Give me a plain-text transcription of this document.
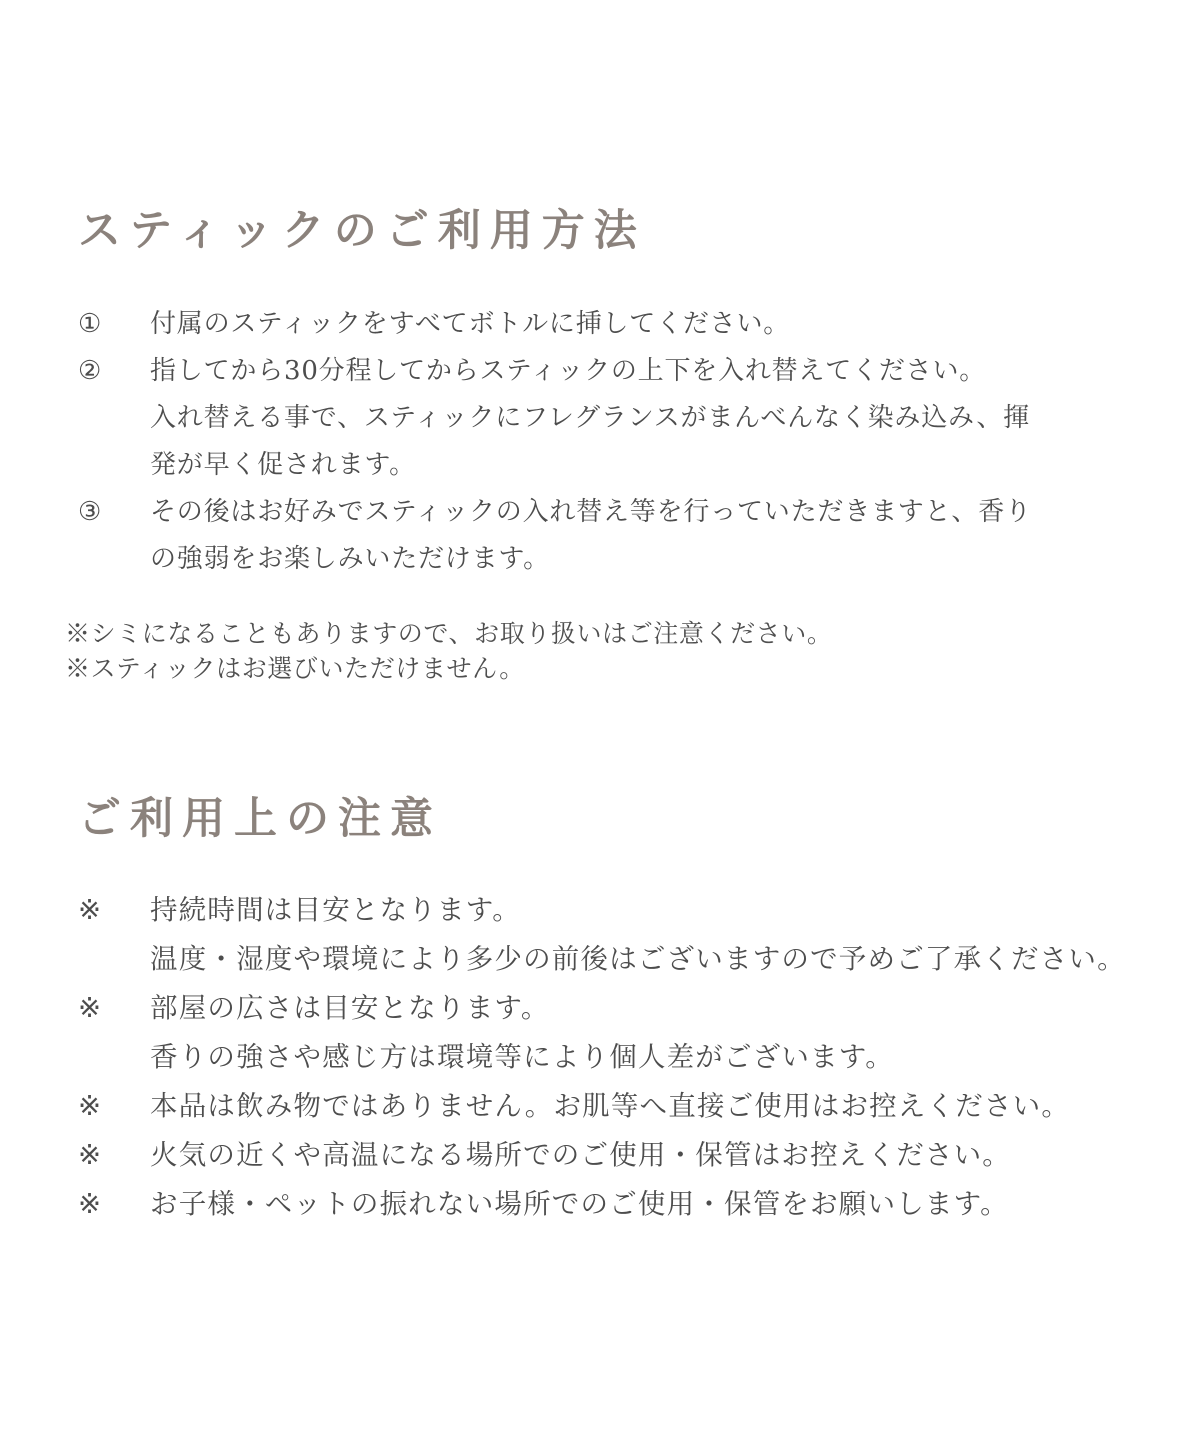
スティックのご利用方法
①	付属のスティックをすべてボトルに挿してください。
②	指してから30分程してからスティックの上下を入れ替えてください。
入れ替える事で、スティックにフレグランスがまんべんなく染み込み、揮
発が早く促されます。
③	その後はお好みでスティックの入れ替え等を行っていただきますと、香り
の強弱をお楽しみいただけます。
※シミになることもありますので、お取り扱いはご注意ください。
※スティックはお選びいただけません。
ご利用上の注意
※	持続時間は目安となります。
温度・湿度や環境により多少の前後はございますので予めご了承ください。
※	部屋の広さは目安となります。
香りの強さや感じ方は環境等により個人差がございます。
※	本品は飲み物ではありません。お肌等へ直接ご使用はお控えください。
※	火気の近くや高温になる場所でのご使用・保管はお控えください。
※	お子様・ペットの振れない場所でのご使用・保管をお願いします。
